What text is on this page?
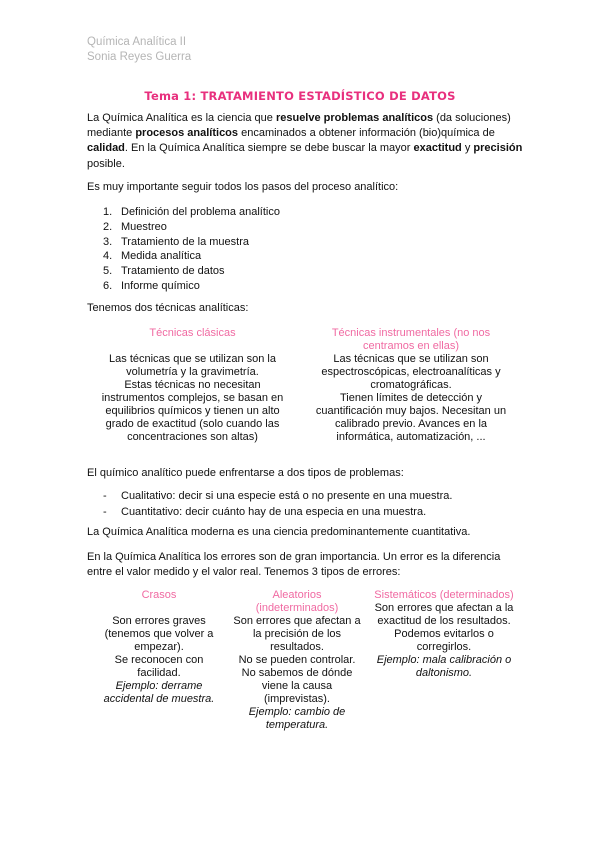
Química Analítica II
Sonia Reyes Guerra
Tema 1: TRATAMIENTO ESTADÍSTICO DE DATOS

La Química Analítica es la ciencia que resuelve problemas analíticos (da soluciones) mediante procesos analíticos encaminados a obtener información (bio)química de calidad. En la Química Analítica siempre se debe buscar la mayor exactitud y precisión posible.

Es muy importante seguir todos los pasos del proceso analítico:

1. Definición del problema analítico
2. Muestreo
3. Tratamiento de la muestra
4. Medida analítica
5. Tratamiento de datos
6. Informe químico

Tenemos dos técnicas analíticas:

Técnicas clásicas
Las técnicas que se utilizan son la volumetría y la gravimetría.
Estas técnicas no necesitan instrumentos complejos, se basan en equilibrios químicos y tienen un alto grado de exactitud (solo cuando las concentraciones son altas)
Técnicas instrumentales (no nos centramos en ellas)
Las técnicas que se utilizan son espectroscópicas, electroanalíticas y cromatográficas.
Tienen límites de detección y cuantificación muy bajos. Necesitan un calibrado previo. Avances en la informática, automatización, ...

El químico analítico puede enfrentarse a dos tipos de problemas:

- Cualitativo: decir si una especie está o no presente en una muestra.
- Cuantitativo: decir cuánto hay de una especia en una muestra.

La Química Analítica moderna es una ciencia predominantemente cuantitativa.

En la Química Analítica los errores son de gran importancia. Un error es la diferencia entre el valor medido y el valor real. Tenemos 3 tipos de errores:

Crasos
Son errores graves (tenemos que volver a empezar).
Se reconocen con facilidad.
Ejemplo: derrame accidental de muestra.
Aleatorios (indeterminados)
Son errores que afectan a la precisión de los resultados.
No se pueden controlar.
No sabemos de dónde viene la causa (imprevistas).
Ejemplo: cambio de temperatura.
Sistemáticos (determinados)
Son errores que afectan a la exactitud de los resultados.
Podemos evitarlos o corregirlos.
Ejemplo: mala calibración o daltonismo.
